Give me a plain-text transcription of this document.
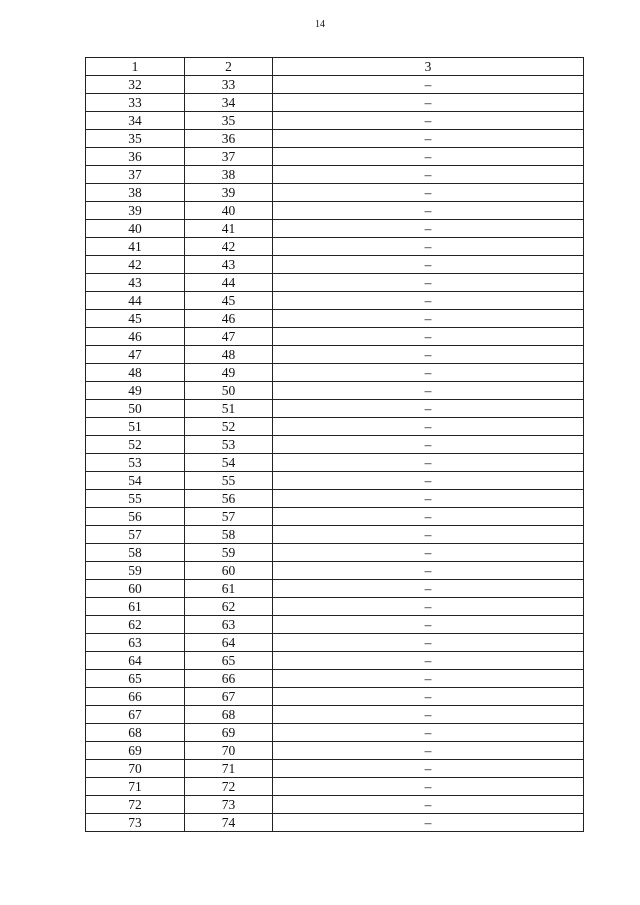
14
1	2	3
32	33	–
33	34	–
34	35	–
35	36	–
36	37	–
37	38	–
38	39	–
39	40	–
40	41	–
41	42	–
42	43	–
43	44	–
44	45	–
45	46	–
46	47	–
47	48	–
48	49	–
49	50	–
50	51	–
51	52	–
52	53	–
53	54	–
54	55	–
55	56	–
56	57	–
57	58	–
58	59	–
59	60	–
60	61	–
61	62	–
62	63	–
63	64	–
64	65	–
65	66	–
66	67	–
67	68	–
68	69	–
69	70	–
70	71	–
71	72	–
72	73	–
73	74	–
